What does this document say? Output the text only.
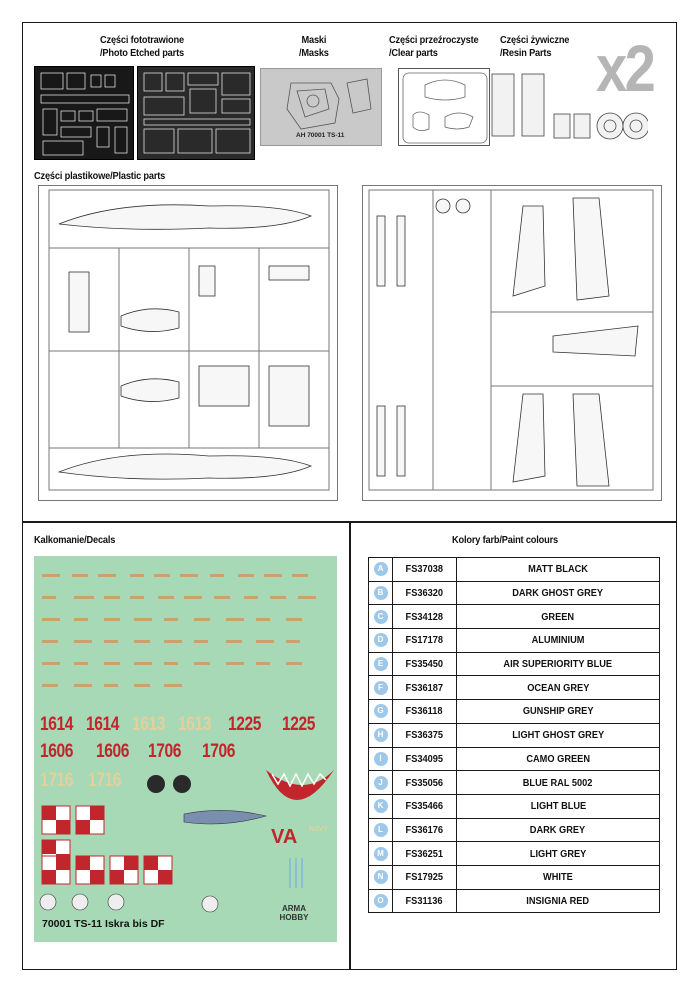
Części fototrawione
/Photo Etched parts
Maski
/Masks
Części przeźroczyste
/Clear parts
Części żywiczne
/Resin Parts x2
AH 70001 TS-11
Części plastikowe/Plastic parts
Kalkomanie/Decals
1614 1614 1613 1613 1225 1225
1606 1606 1706 1706
1716 1716
VA NAVY
70001 TS-11 Iskra bis DF
ARMA HOBBY
Kolory farb/Paint colours
A	FS37038	MATT BLACK
B	FS36320	DARK GHOST GREY
C	FS34128	GREEN
D	FS17178	ALUMINIUM
E	FS35450	AIR SUPERIORITY BLUE
F	FS36187	OCEAN GREY
G	FS36118	GUNSHIP GREY
H	FS36375	LIGHT GHOST GREY
I	FS34095	CAMO GREEN
J	FS35056	BLUE RAL 5002
K	FS35466	LIGHT BLUE
L	FS36176	DARK GREY
M	FS36251	LIGHT GREY
N	FS17925	WHITE
O	FS31136	INSIGNIA RED
